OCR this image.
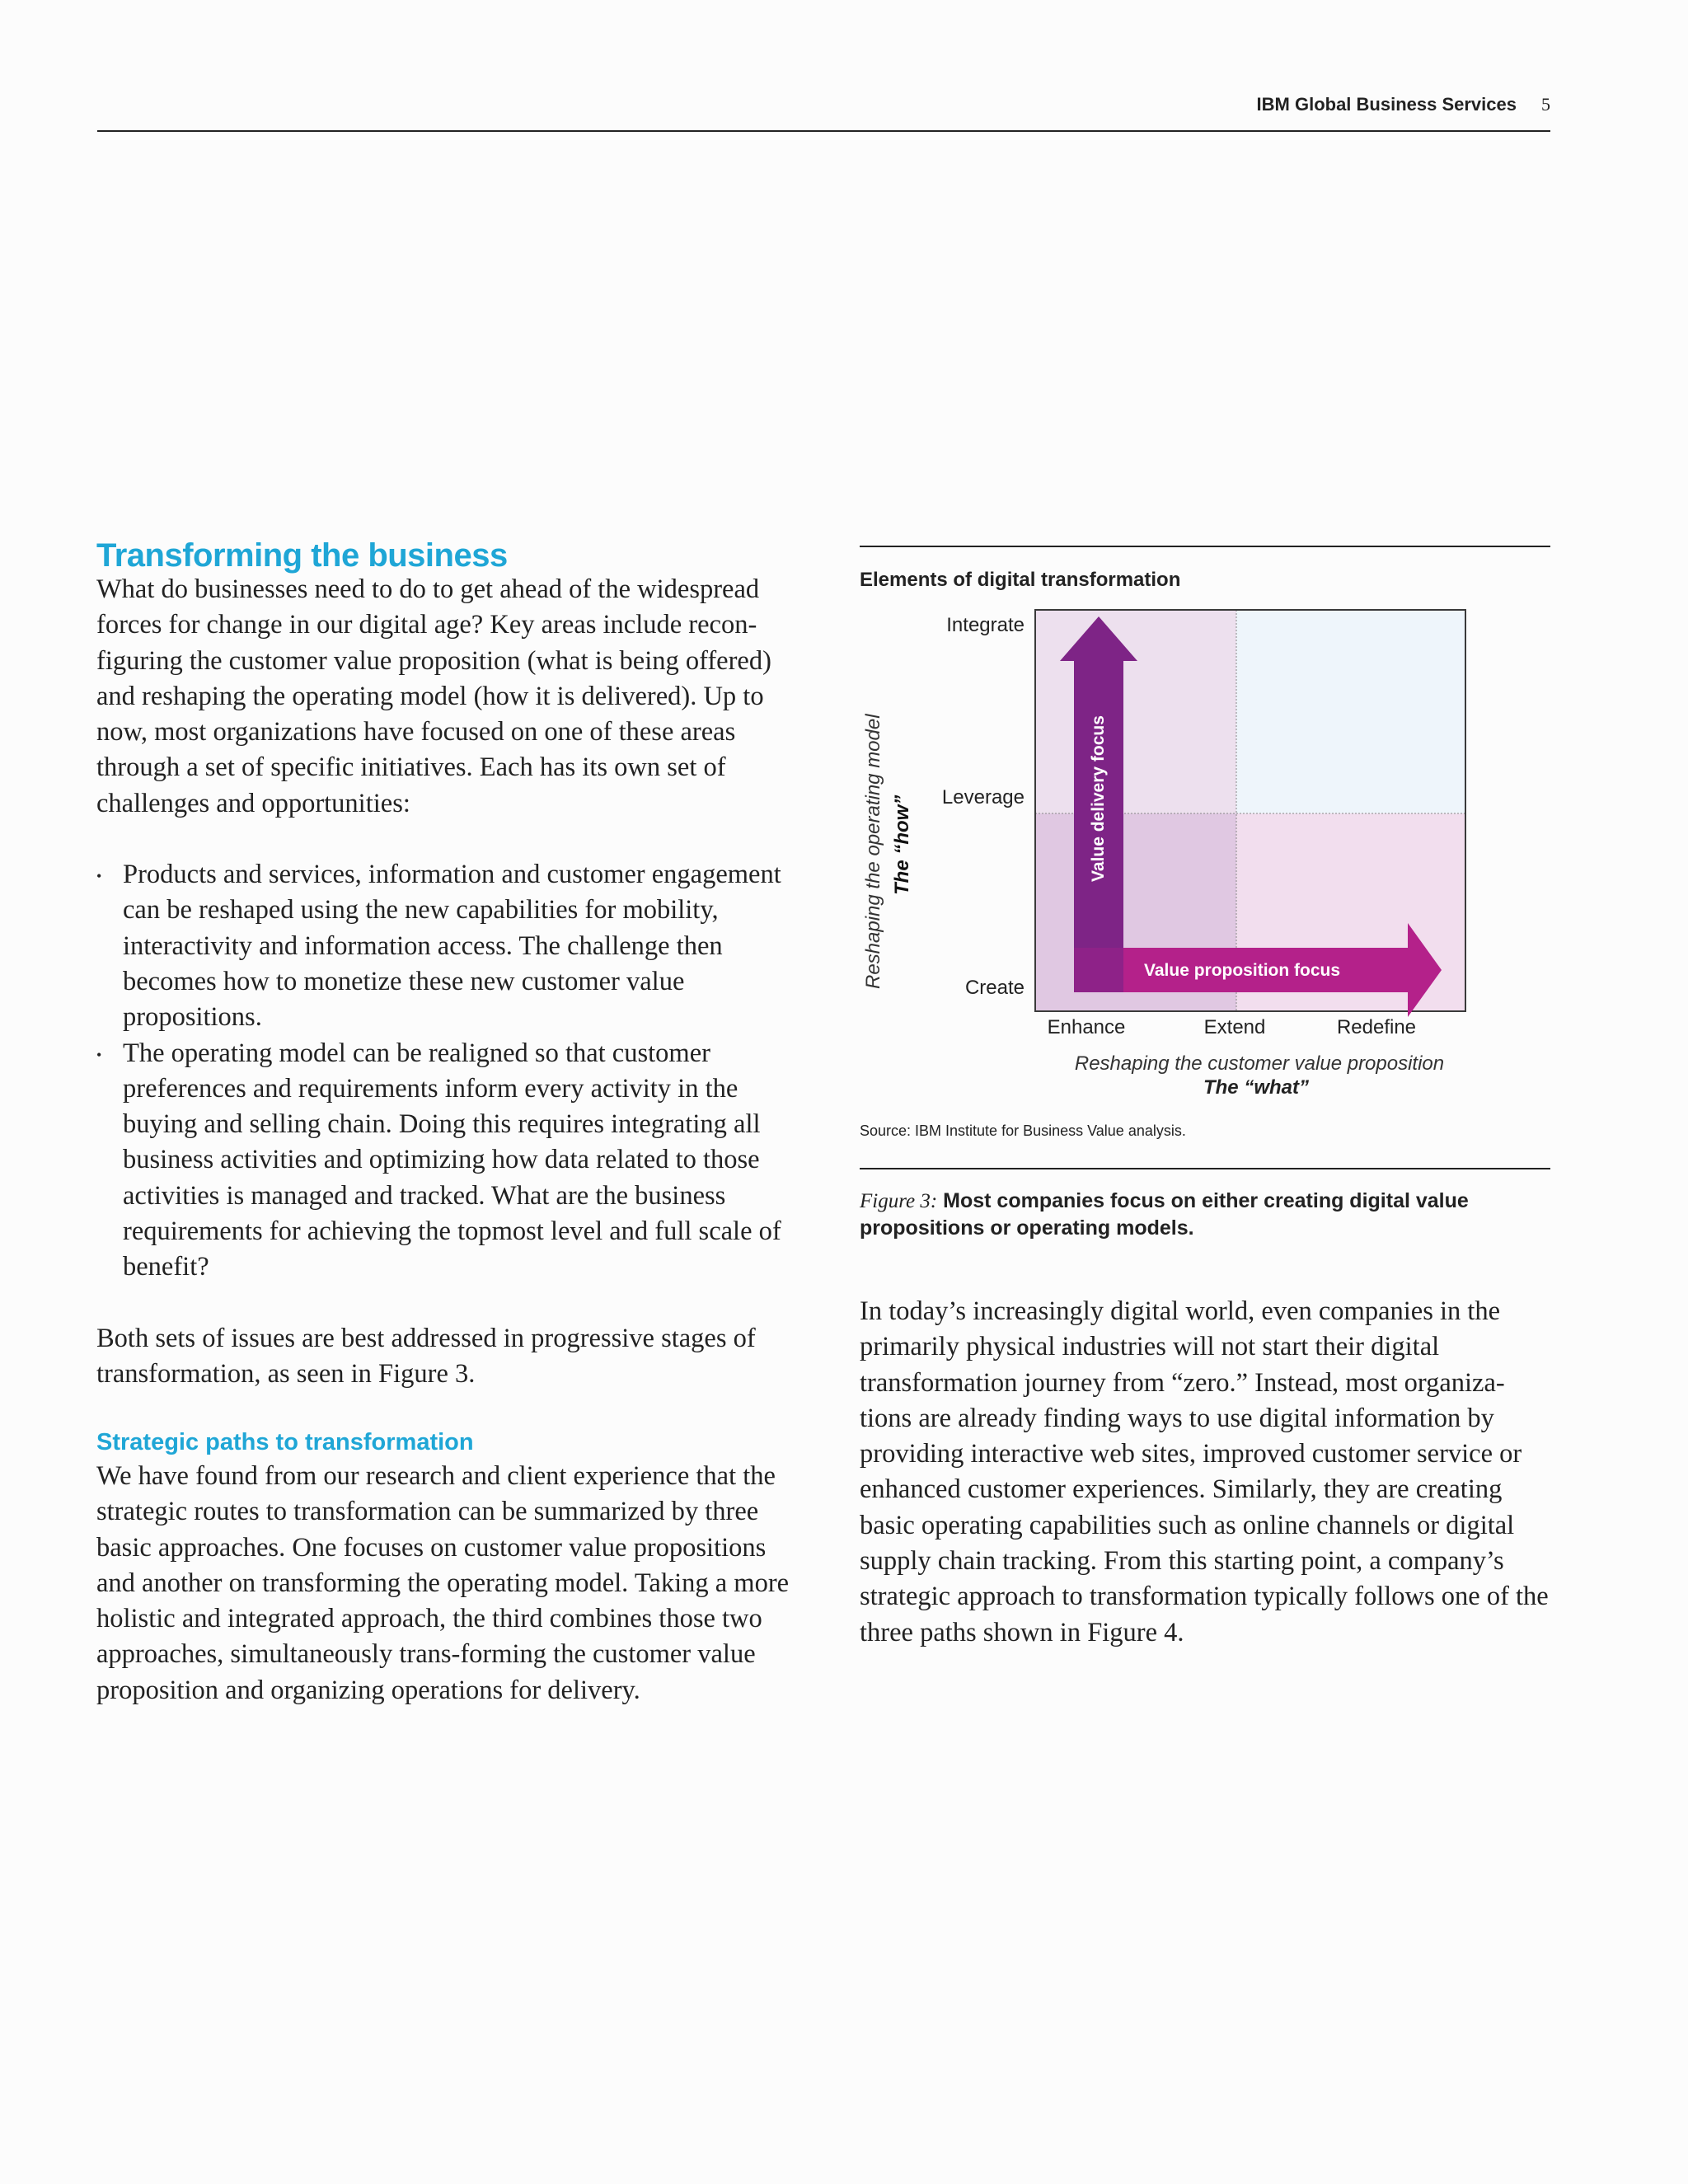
IBM Global Business Services 5
Transforming the business

What do businesses need to do to get ahead of the widespread forces for change in our digital age? Key areas include recon-figuring the customer value proposition (what is being offered) and reshaping the operating model (how it is delivered). Up to now, most organizations have focused on one of these areas through a set of specific initiatives. Each has its own set of challenges and opportunities:

• Products and services, information and customer engagement can be reshaped using the new capabilities for mobility, interactivity and information access. The challenge then becomes how to monetize these new customer value propositions.
• The operating model can be realigned so that customer preferences and requirements inform every activity in the buying and selling chain. Doing this requires integrating all business activities and optimizing how data related to those activities is managed and tracked. What are the business requirements for achieving the topmost level and full scale of benefit?

Both sets of issues are best addressed in progressive stages of transformation, as seen in Figure 3.

Strategic paths to transformation

We have found from our research and client experience that the strategic routes to transformation can be summarized by three basic approaches. One focuses on customer value propositions and another on transforming the operating model. Taking a more holistic and integrated approach, the third combines those two approaches, simultaneously trans-forming the customer value proposition and organizing operations for delivery.

Elements of digital transformation
Value delivery focus
Value proposition focus
Integrate
Leverage
Create
Enhance	Extend	Redefine
Reshaping the operating model The “how”
Reshaping the customer value proposition
The “what”
Source: IBM Institute for Business Value analysis.
Figure 3: Most companies focus on either creating digital value propositions or operating models.

In today’s increasingly digital world, even companies in the primarily physical industries will not start their digital transformation journey from “zero.” Instead, most organiza-tions are already finding ways to use digital information by providing interactive web sites, improved customer service or enhanced customer experiences. Similarly, they are creating basic operating capabilities such as online channels or digital supply chain tracking. From this starting point, a company’s strategic approach to transformation typically follows one of the three paths shown in Figure 4.
